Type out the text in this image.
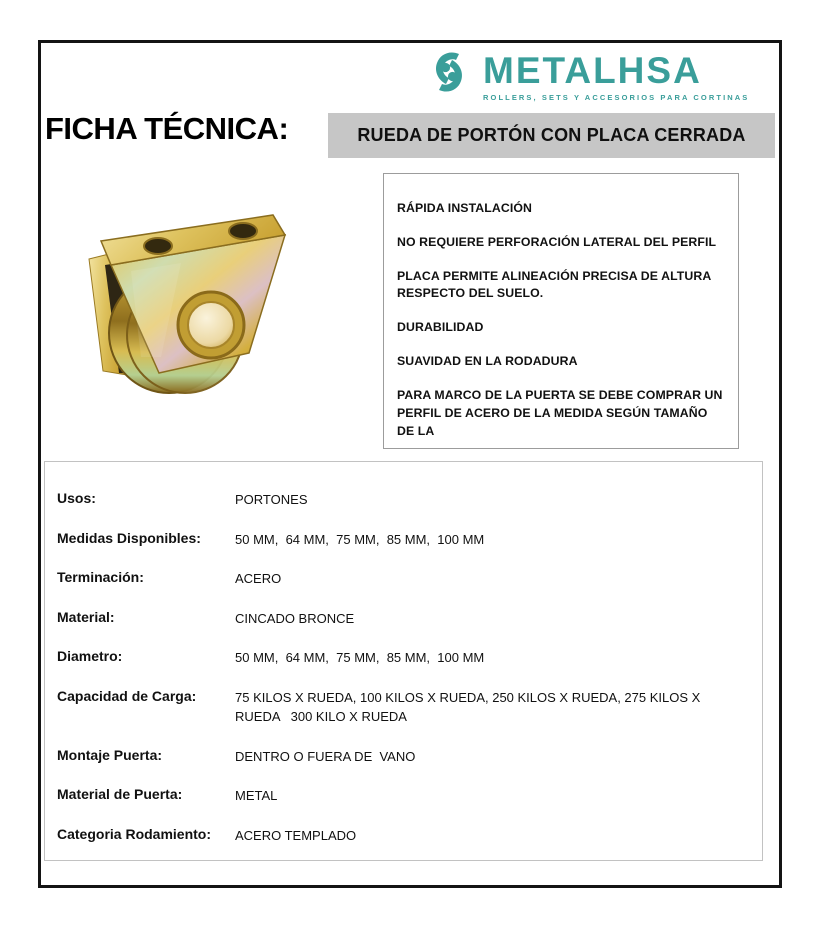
METALHSA
ROLLERS, SETS Y ACCESORIOS PARA CORTINAS
FICHA TÉCNICA:	RUEDA DE PORTÓN CON PLACA CERRADA

RÁPIDA INSTALACIÓN

NO REQUIERE PERFORACIÓN LATERAL DEL PERFIL

PLACA PERMITE ALINEACIÓN PRECISA DE ALTURA RESPECTO DEL SUELO.

DURABILIDAD

SUAVIDAD EN LA RODADURA

PARA MARCO DE LA PUERTA SE DEBE COMPRAR UN PERFIL DE ACERO DE LA MEDIDA SEGÚN TAMAÑO DE LA

Usos:	PORTONES
Medidas Disponibles:	50 MM,  64 MM,  75 MM,  85 MM,  100 MM
Terminación:	ACERO
Material:	CINCADO BRONCE
Diametro:	50 MM,  64 MM,  75 MM,  85 MM,  100 MM
Capacidad de Carga:	75 KILOS X RUEDA, 100 KILOS X RUEDA, 250 KILOS X RUEDA, 275 KILOS X RUEDA   300 KILO X RUEDA
Montaje Puerta:	DENTRO O FUERA DE  VANO
Material de Puerta:	METAL
Categoria Rodamiento:	ACERO TEMPLADO
